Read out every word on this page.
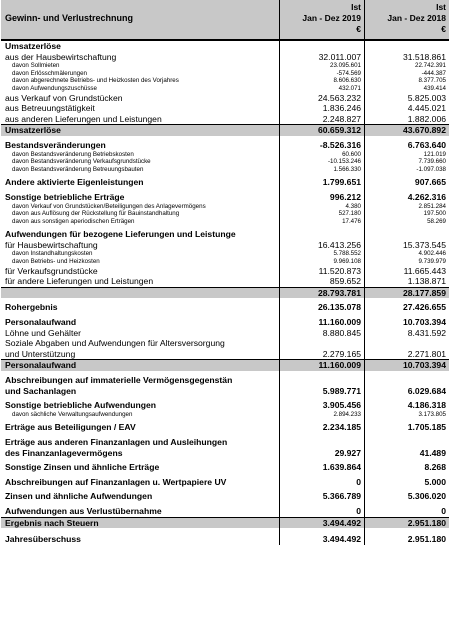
Gewinn- und Verlustrechnung
Ist
Jan - Dez 2019
€
Ist
Jan - Dez 2018
€
Umsatzerlöse
aus der Hausbewirtschaftung	32.011.007	31.518.861
davon Sollmieten	23.095.601	22.742.391
davon Erlösschmälerungen	-574.569	-444.387
davon abgerechnete Betriebs- und Heizkosten des Vorjahres	8.606.630	8.377.705
davon Aufwendungszuschüsse	432.071	439.414
aus Verkauf von Grundstücken	24.563.232	5.825.003
aus Betreuungstätigkeit	1.836.246	4.445.021
aus anderen Lieferungen und Leistungen	2.248.827	1.882.006
Umsatzerlöse	60.659.312	43.670.892
Bestandsveränderungen	-8.526.316	6.763.640
davon Bestandsveränderung Betriebskosten	60.600	121.019
davon Bestandsveränderung Verkaufsgrundstücke	-10.153.246	7.739.660
davon Bestandsveränderung Betreuungsbauten	1.566.330	-1.097.038
Andere aktivierte Eigenleistungen	1.799.651	907.665
Sonstige betriebliche Erträge	996.212	4.262.316
davon Verkauf von Grundstücken/Beteiligungen des Anlagevermögens	4.380	2.851.284
davon aus Auflösung der Rückstellung für Bauinstandhaltung	527.180	197.500
davon aus sonstigen aperiodischen Erträgen	17.476	58.269
Aufwendungen für bezogene Lieferungen und Leistunge
für Hausbewirtschaftung	16.413.256	15.373.545
davon Instandhaltungskosten	5.788.552	4.902.446
davon Betriebs- und Heizkosten	9.969.108	9.739.979
für Verkaufsgrundstücke	11.520.873	11.665.443
für andere Lieferungen und Leistungen	859.652	1.138.871
28.793.781	28.177.859
Rohergebnis	26.135.078	27.426.655
Personalaufwand	11.160.009	10.703.394
Löhne und Gehälter	8.880.845	8.431.592
Soziale Abgaben und Aufwendungen für Altersversorgung
und Unterstützung	2.279.165	2.271.801
Personalaufwand	11.160.009	10.703.394
Abschreibungen auf immaterielle Vermögensgegenstän
und Sachanlagen	5.989.771	6.029.684
Sonstige betriebliche Aufwendungen	3.905.456	4.186.318
davon sächliche Verwaltungsaufwendungen	2.894.233	3.173.805
Erträge aus Beteiligungen / EAV	2.234.185	1.705.185
Erträge aus anderen Finanzanlagen und Ausleihungen
des Finanzanlagevermögens	29.927	41.489
Sonstige Zinsen und ähnliche Erträge	1.639.864	8.268
Abschreibungen auf Finanzanlagen u. Wertpapiere UV	0	5.000
Zinsen und ähnliche Aufwendungen	5.366.789	5.306.020
Aufwendungen aus Verlustübernahme	0	0
Ergebnis nach Steuern	3.494.492	2.951.180
Jahresüberschuss	3.494.492	2.951.180
